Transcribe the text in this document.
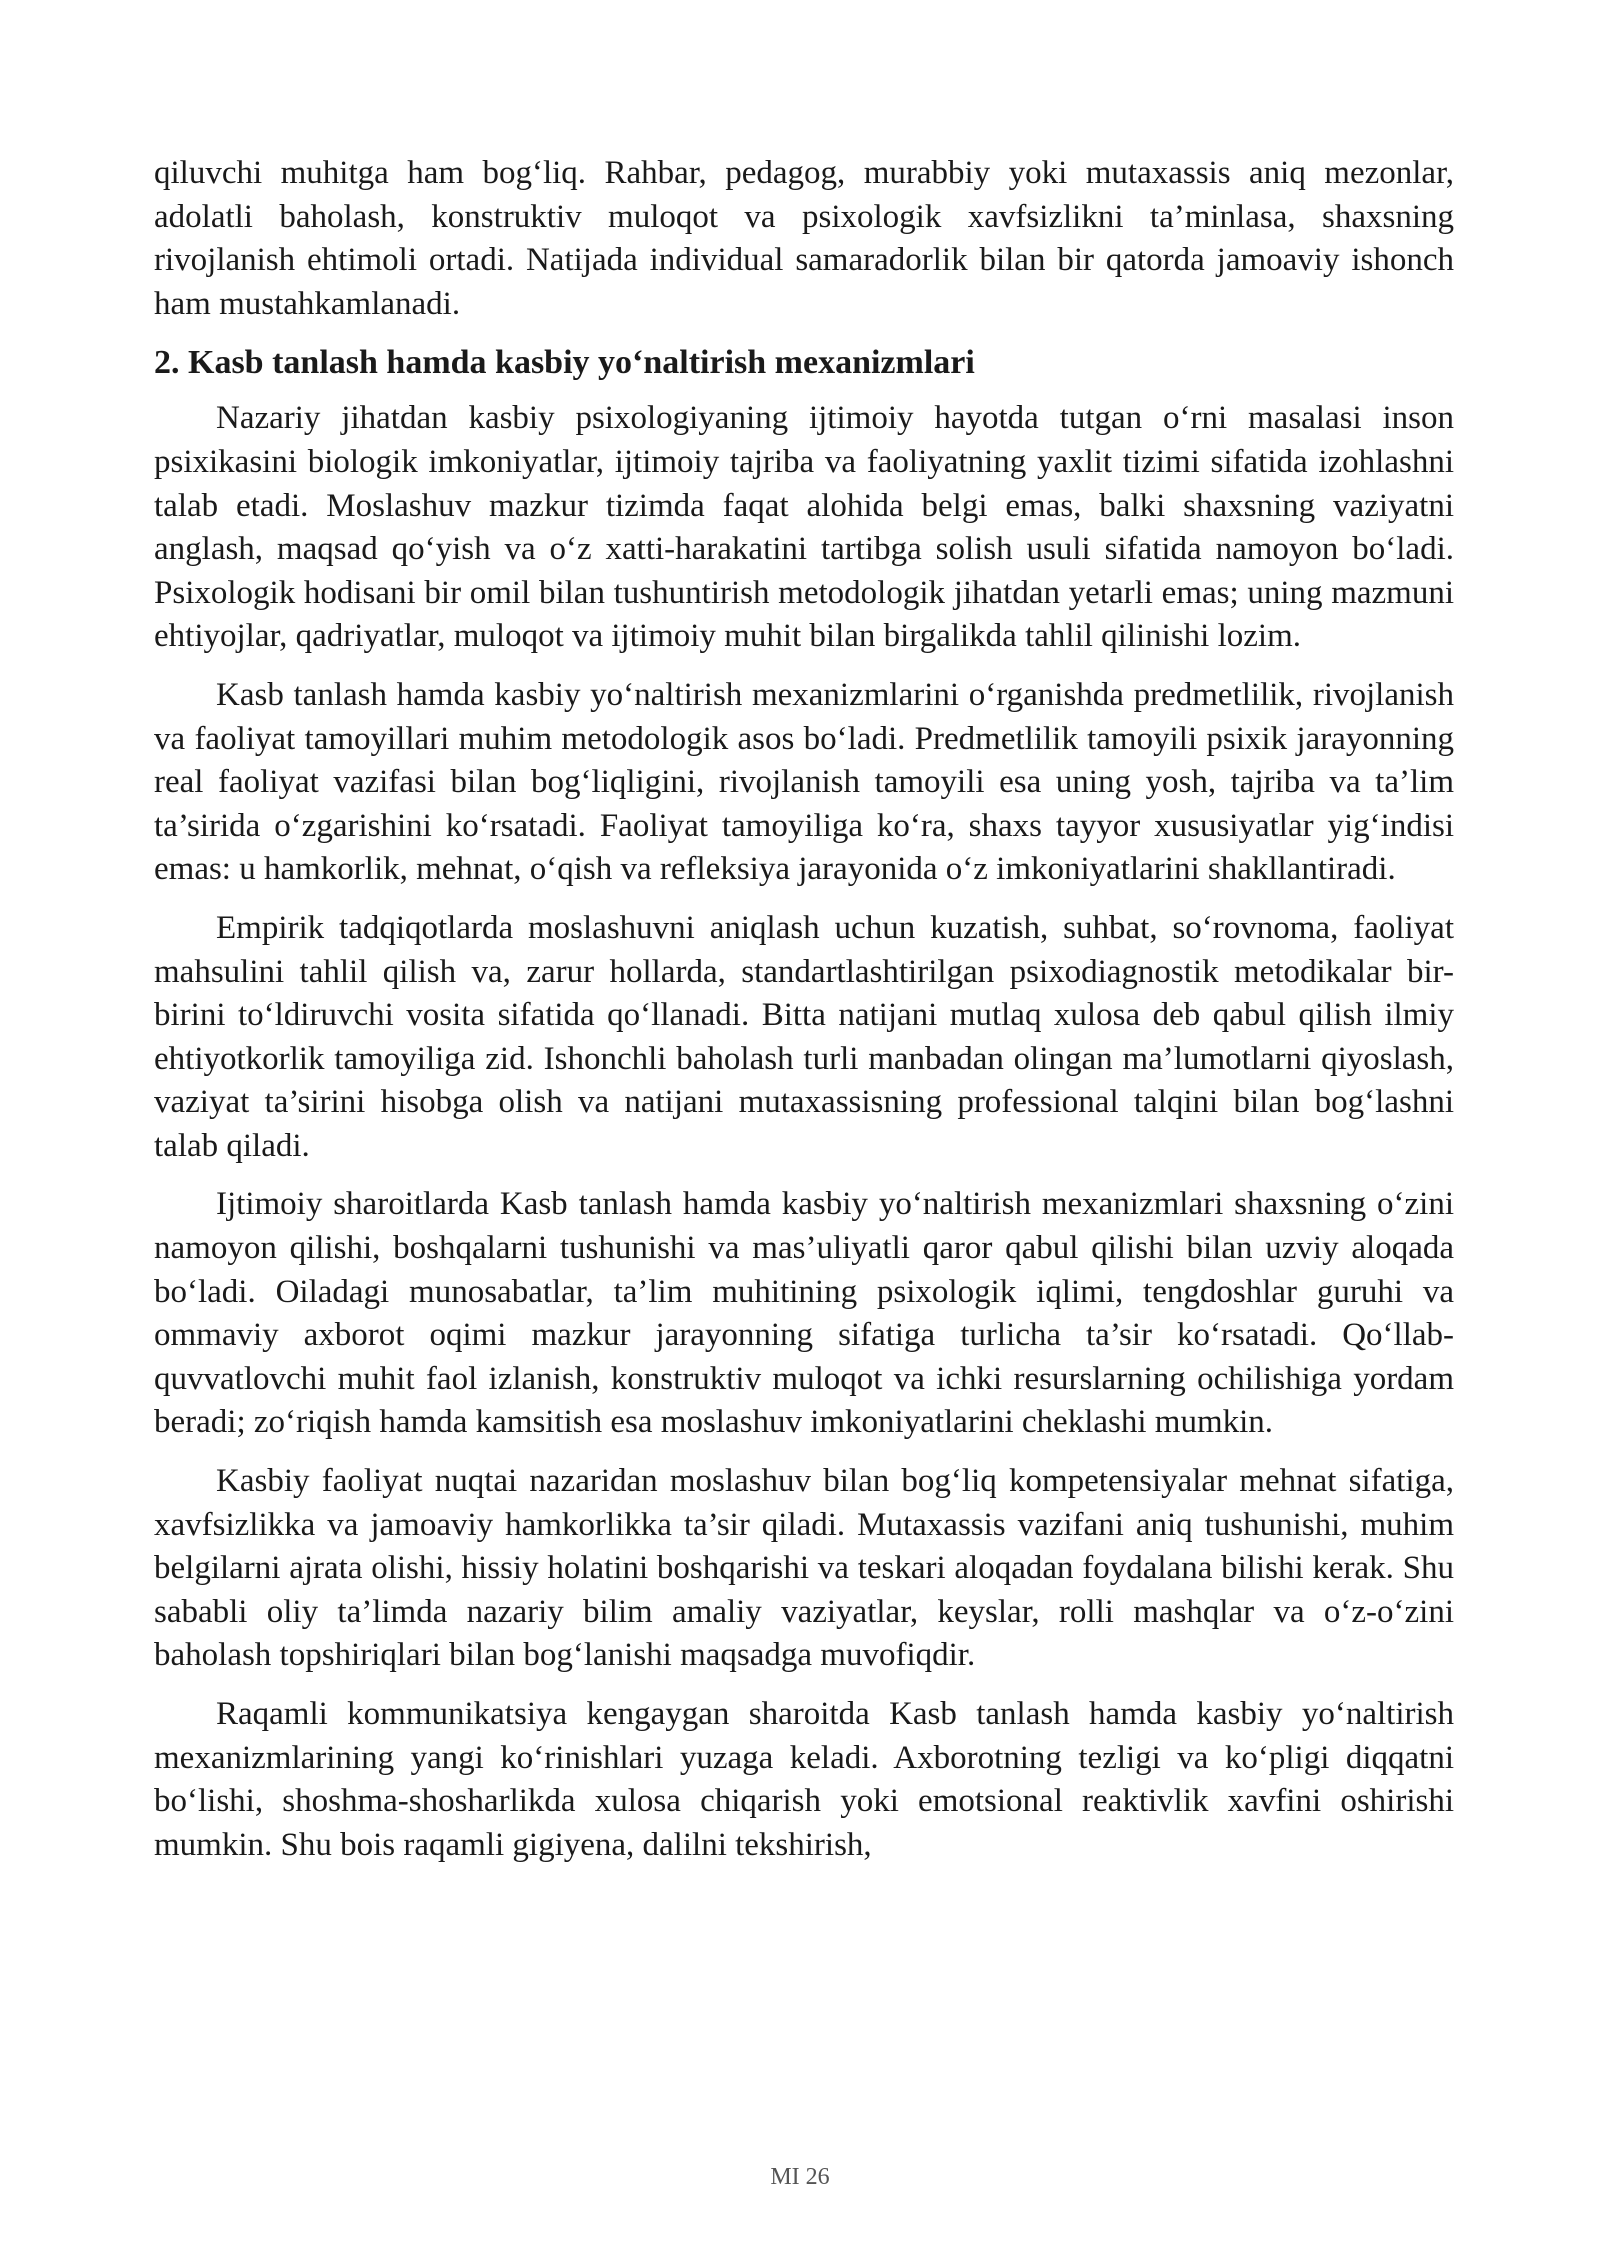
qiluvchi muhitga ham bog‘liq. Rahbar, pedagog, murabbiy yoki mutaxassis aniq mezonlar, adolatli baholash, konstruktiv muloqot va psixologik xavfsizlikni ta’minlasa, shaxsning rivojlanish ehtimoli ortadi. Natijada individual samaradorlik bilan bir qatorda jamoaviy ishonch ham mustahkamlanadi.

2. Kasb tanlash hamda kasbiy yo‘naltirish mexanizmlari

Nazariy jihatdan kasbiy psixologiyaning ijtimoiy hayotda tutgan o‘rni masalasi inson psixikasini biologik imkoniyatlar, ijtimoiy tajriba va faoliyatning yaxlit tizimi sifatida izohlashni talab etadi. Moslashuv mazkur tizimda faqat alohida belgi emas, balki shaxsning vaziyatni anglash, maqsad qo‘yish va o‘z xatti-harakatini tartibga solish usuli sifatida namoyon bo‘ladi. Psixologik hodisani bir omil bilan tushuntirish metodologik jihatdan yetarli emas; uning mazmuni ehtiyojlar, qadriyatlar, muloqot va ijtimoiy muhit bilan birgalikda tahlil qilinishi lozim.

Kasb tanlash hamda kasbiy yo‘naltirish mexanizmlarini o‘rganishda predmetlilik, rivojlanish va faoliyat tamoyillari muhim metodologik asos bo‘ladi. Predmetlilik tamoyili psixik jarayonning real faoliyat vazifasi bilan bog‘liqligini, rivojlanish tamoyili esa uning yosh, tajriba va ta’lim ta’sirida o‘zgarishini ko‘rsatadi. Faoliyat tamoyiliga ko‘ra, shaxs tayyor xususiyatlar yig‘indisi emas: u hamkorlik, mehnat, o‘qish va refleksiya jarayonida o‘z imkoniyatlarini shakllantiradi.

Empirik tadqiqotlarda moslashuvni aniqlash uchun kuzatish, suhbat, so‘rovnoma, faoliyat mahsulini tahlil qilish va, zarur hollarda, standartlashtirilgan psixodiagnostik metodikalar bir-birini to‘ldiruvchi vosita sifatida qo‘llanadi. Bitta natijani mutlaq xulosa deb qabul qilish ilmiy ehtiyotkorlik tamoyiliga zid. Ishonchli baholash turli manbadan olingan ma’lumotlarni qiyoslash, vaziyat ta’sirini hisobga olish va natijani mutaxassisning professional talqini bilan bog‘lashni talab qiladi.

Ijtimoiy sharoitlarda Kasb tanlash hamda kasbiy yo‘naltirish mexanizmlari shaxsning o‘zini namoyon qilishi, boshqalarni tushunishi va mas’uliyatli qaror qabul qilishi bilan uzviy aloqada bo‘ladi. Oiladagi munosabatlar, ta’lim muhitining psixologik iqlimi, tengdoshlar guruhi va ommaviy axborot oqimi mazkur jarayonning sifatiga turlicha ta’sir ko‘rsatadi. Qo‘llab-quvvatlovchi muhit faol izlanish, konstruktiv muloqot va ichki resurslarning ochilishiga yordam beradi; zo‘riqish hamda kamsitish esa moslashuv imkoniyatlarini cheklashi mumkin.

Kasbiy faoliyat nuqtai nazaridan moslashuv bilan bog‘liq kompetensiyalar mehnat sifatiga, xavfsizlikka va jamoaviy hamkorlikka ta’sir qiladi. Mutaxassis vazifani aniq tushunishi, muhim belgilarni ajrata olishi, hissiy holatini boshqarishi va teskari aloqadan foydalana bilishi kerak. Shu sababli oliy ta’limda nazariy bilim amaliy vaziyatlar, keyslar, rolli mashqlar va o‘z-o‘zini baholash topshiriqlari bilan bog‘lanishi maqsadga muvofiqdir.

Raqamli kommunikatsiya kengaygan sharoitda Kasb tanlash hamda kasbiy yo‘naltirish mexanizmlarining yangi ko‘rinishlari yuzaga keladi. Axborotning tezligi va ko‘pligi diqqatni bo‘lishi, shoshma-shosharlikda xulosa chiqarish yoki emotsional reaktivlik xavfini oshirishi mumkin. Shu bois raqamli gigiyena, dalilni tekshirish,

MI 26
